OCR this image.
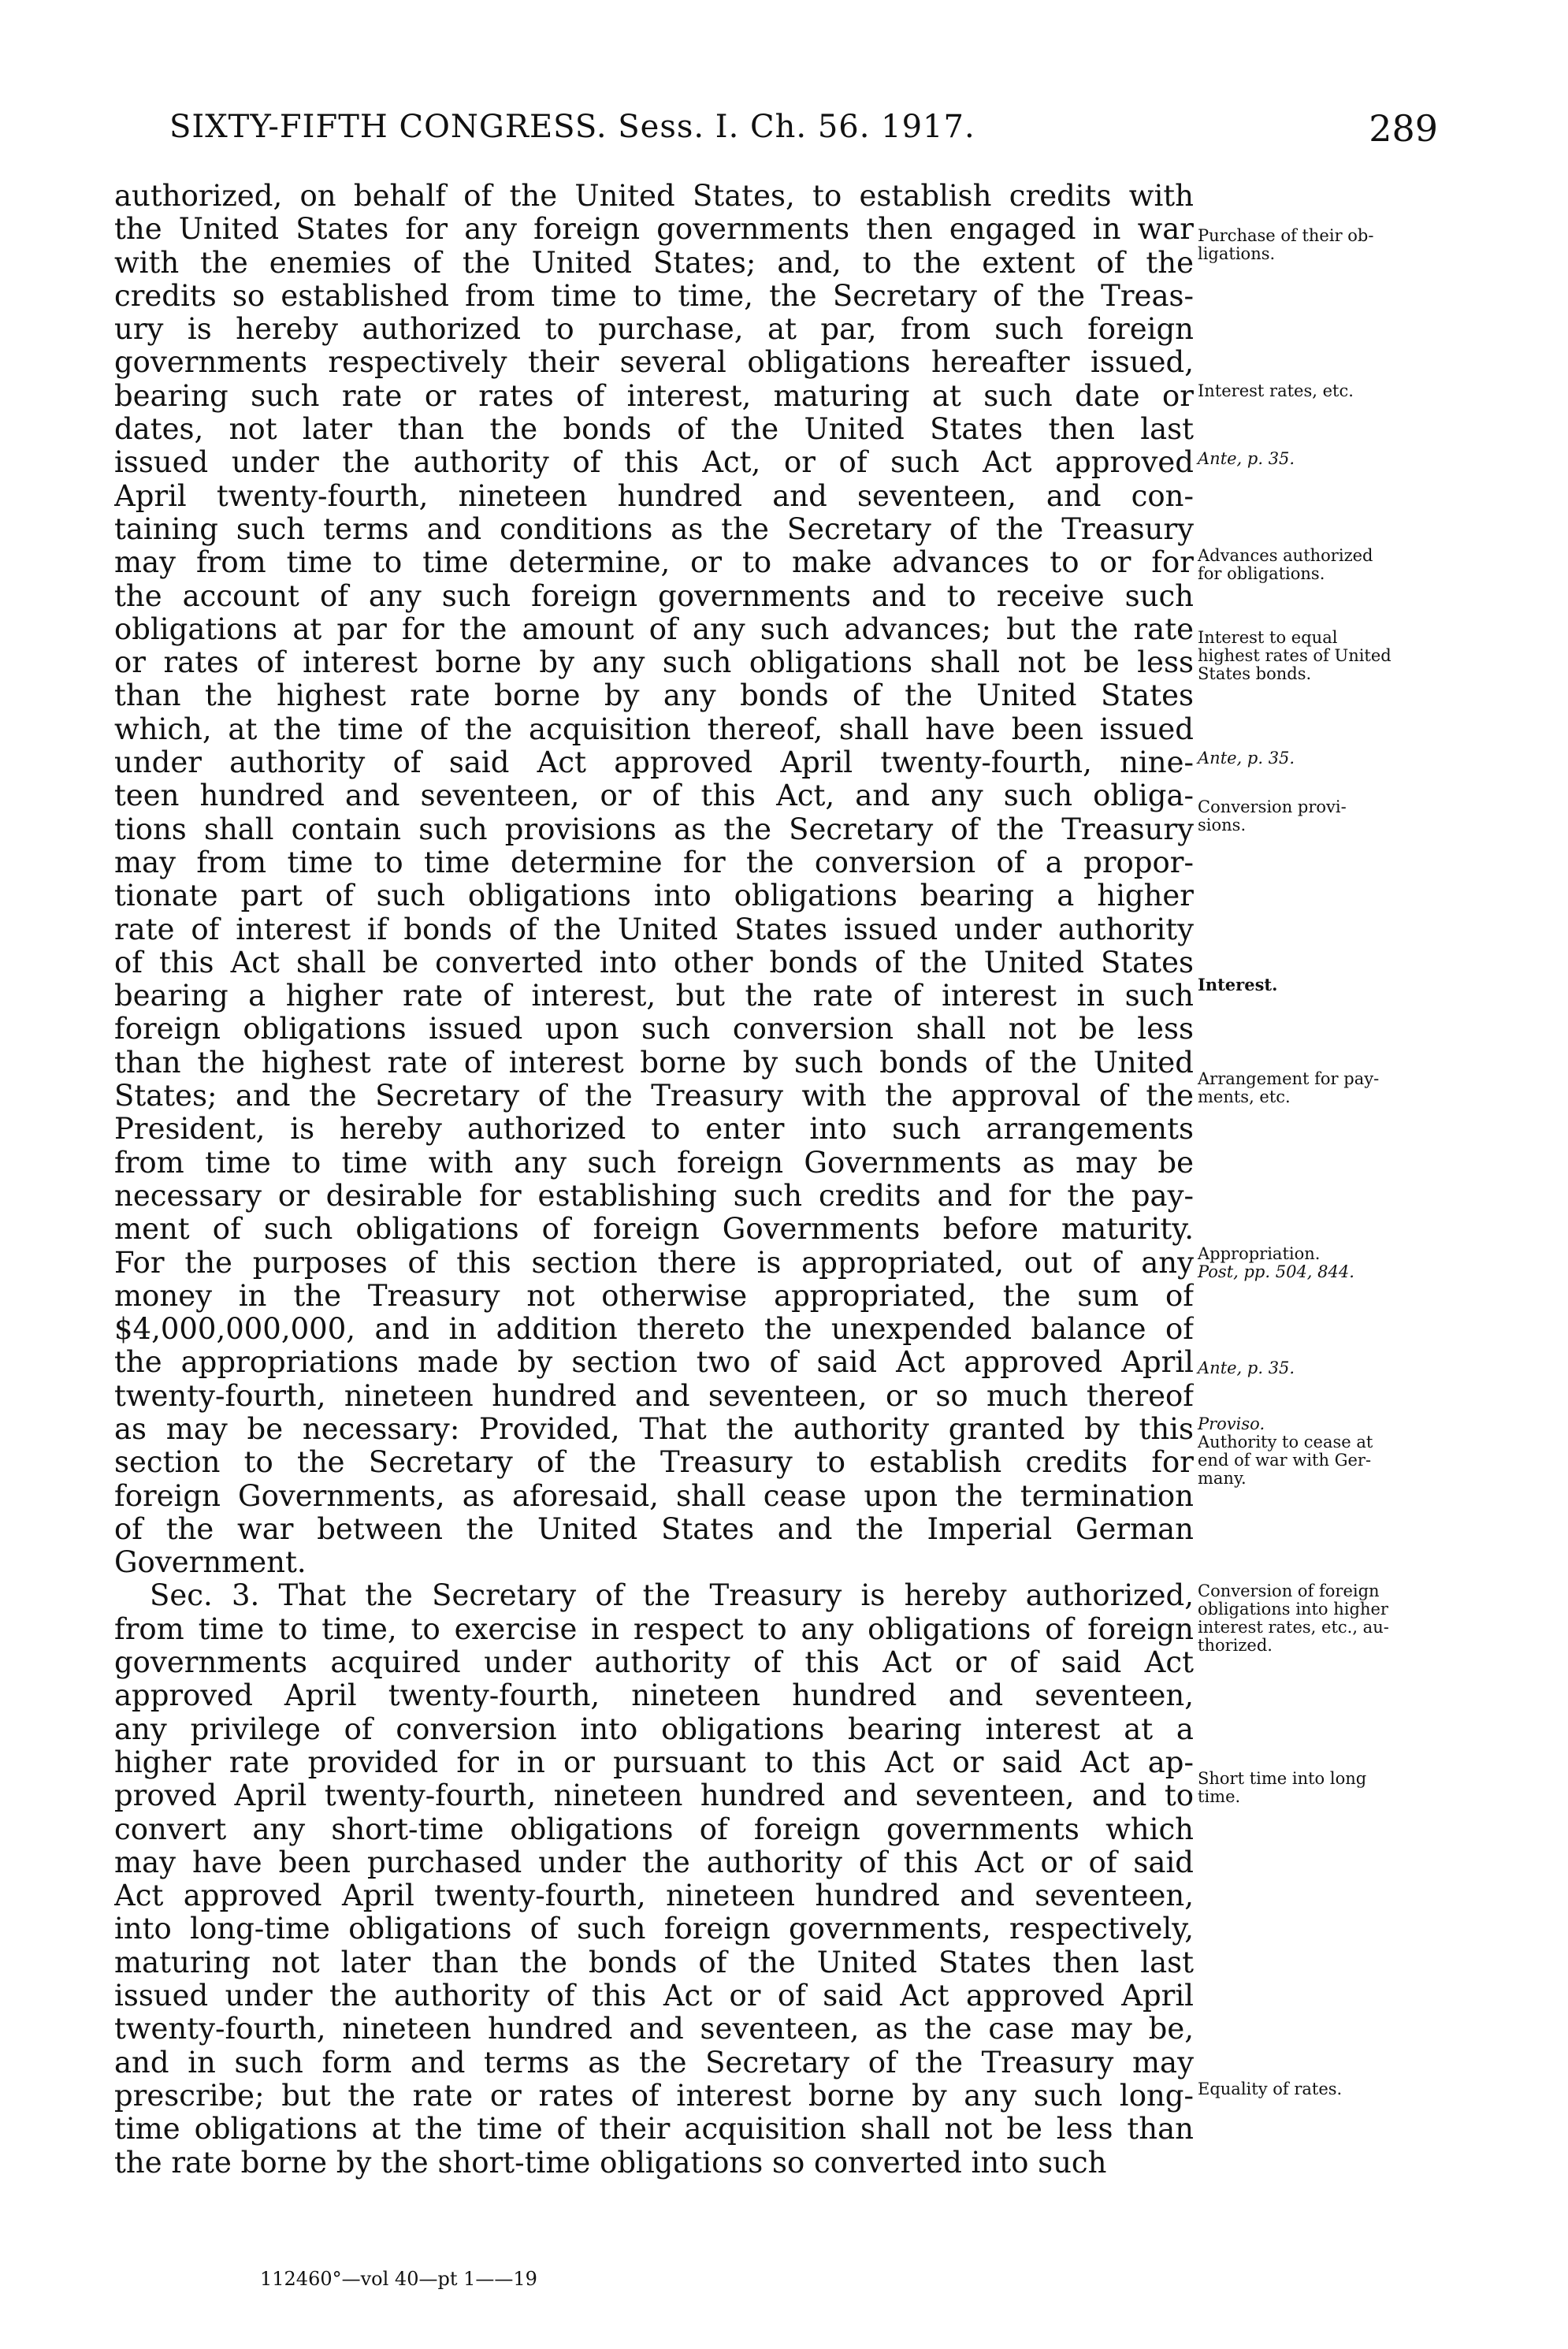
SIXTY-FIFTH CONGRESS. Sess. I. Ch. 56. 1917.	289
authorized, on behalf of the United States, to establish credits with
the United States for any foreign governments then engaged in war
with the enemies of the United States; and, to the extent of the
credits so established from time to time, the Secretary of the Treas-
ury is hereby authorized to purchase, at par, from such foreign
governments respectively their several obligations hereafter issued,
bearing such rate or rates of interest, maturing at such date or
dates, not later than the bonds of the United States then last
issued under the authority of this Act, or of such Act approved
April twenty-fourth, nineteen hundred and seventeen, and con-
taining such terms and conditions as the Secretary of the Treasury
may from time to time determine, or to make advances to or for
the account of any such foreign governments and to receive such
obligations at par for the amount of any such advances; but the rate
or rates of interest borne by any such obligations shall not be less
than the highest rate borne by any bonds of the United States
which, at the time of the acquisition thereof, shall have been issued
under authority of said Act approved April twenty-fourth, nine-
teen hundred and seventeen, or of this Act, and any such obliga-
tions shall contain such provisions as the Secretary of the Treasury
may from time to time determine for the conversion of a propor-
tionate part of such obligations into obligations bearing a higher
rate of interest if bonds of the United States issued under authority
of this Act shall be converted into other bonds of the United States
bearing a higher rate of interest, but the rate of interest in such
foreign obligations issued upon such conversion shall not be less
than the highest rate of interest borne by such bonds of the United
States; and the Secretary of the Treasury with the approval of the
President, is hereby authorized to enter into such arrangements
from time to time with any such foreign Governments as may be
necessary or desirable for establishing such credits and for the pay-
ment of such obligations of foreign Governments before maturity.
For the purposes of this section there is appropriated, out of any
money in the Treasury not otherwise appropriated, the sum of
$4,000,000,000, and in addition thereto the unexpended balance of
the appropriations made by section two of said Act approved April
twenty-fourth, nineteen hundred and seventeen, or so much thereof
as may be necessary: Provided, That the authority granted by this
section to the Secretary of the Treasury to establish credits for
foreign Governments, as aforesaid, shall cease upon the termination
of the war between the United States and the Imperial German
Government.
Sec. 3. That the Secretary of the Treasury is hereby authorized,
from time to time, to exercise in respect to any obligations of foreign
governments acquired under authority of this Act or of said Act
approved April twenty-fourth, nineteen hundred and seventeen,
any privilege of conversion into obligations bearing interest at a
higher rate provided for in or pursuant to this Act or said Act ap-
proved April twenty-fourth, nineteen hundred and seventeen, and to
convert any short-time obligations of foreign governments which
may have been purchased under the authority of this Act or of said
Act approved April twenty-fourth, nineteen hundred and seventeen,
into long-time obligations of such foreign governments, respectively,
maturing not later than the bonds of the United States then last
issued under the authority of this Act or of said Act approved April
twenty-fourth, nineteen hundred and seventeen, as the case may be,
and in such form and terms as the Secretary of the Treasury may
prescribe; but the rate or rates of interest borne by any such long-
time obligations at the time of their acquisition shall not be less than
the rate borne by the short-time obligations so converted into such
Purchase of their ob-
ligations.
Interest rates, etc.
Ante, p. 35.
Advances authorized
for obligations.
Interest to equal
highest rates of United
States bonds.
Ante, p. 35.
Conversion provi-
sions.
Interest.
Arrangement for pay-
ments, etc.
Appropriation.
Post, pp. 504, 844.
Ante, p. 35.
Proviso.
Authority to cease at
end of war with Ger-
many.
Conversion of foreign
obligations into higher
interest rates, etc., au-
thorized.
Short time into long
time.
Equality of rates.
112460°—vol 40—pt 1——19
